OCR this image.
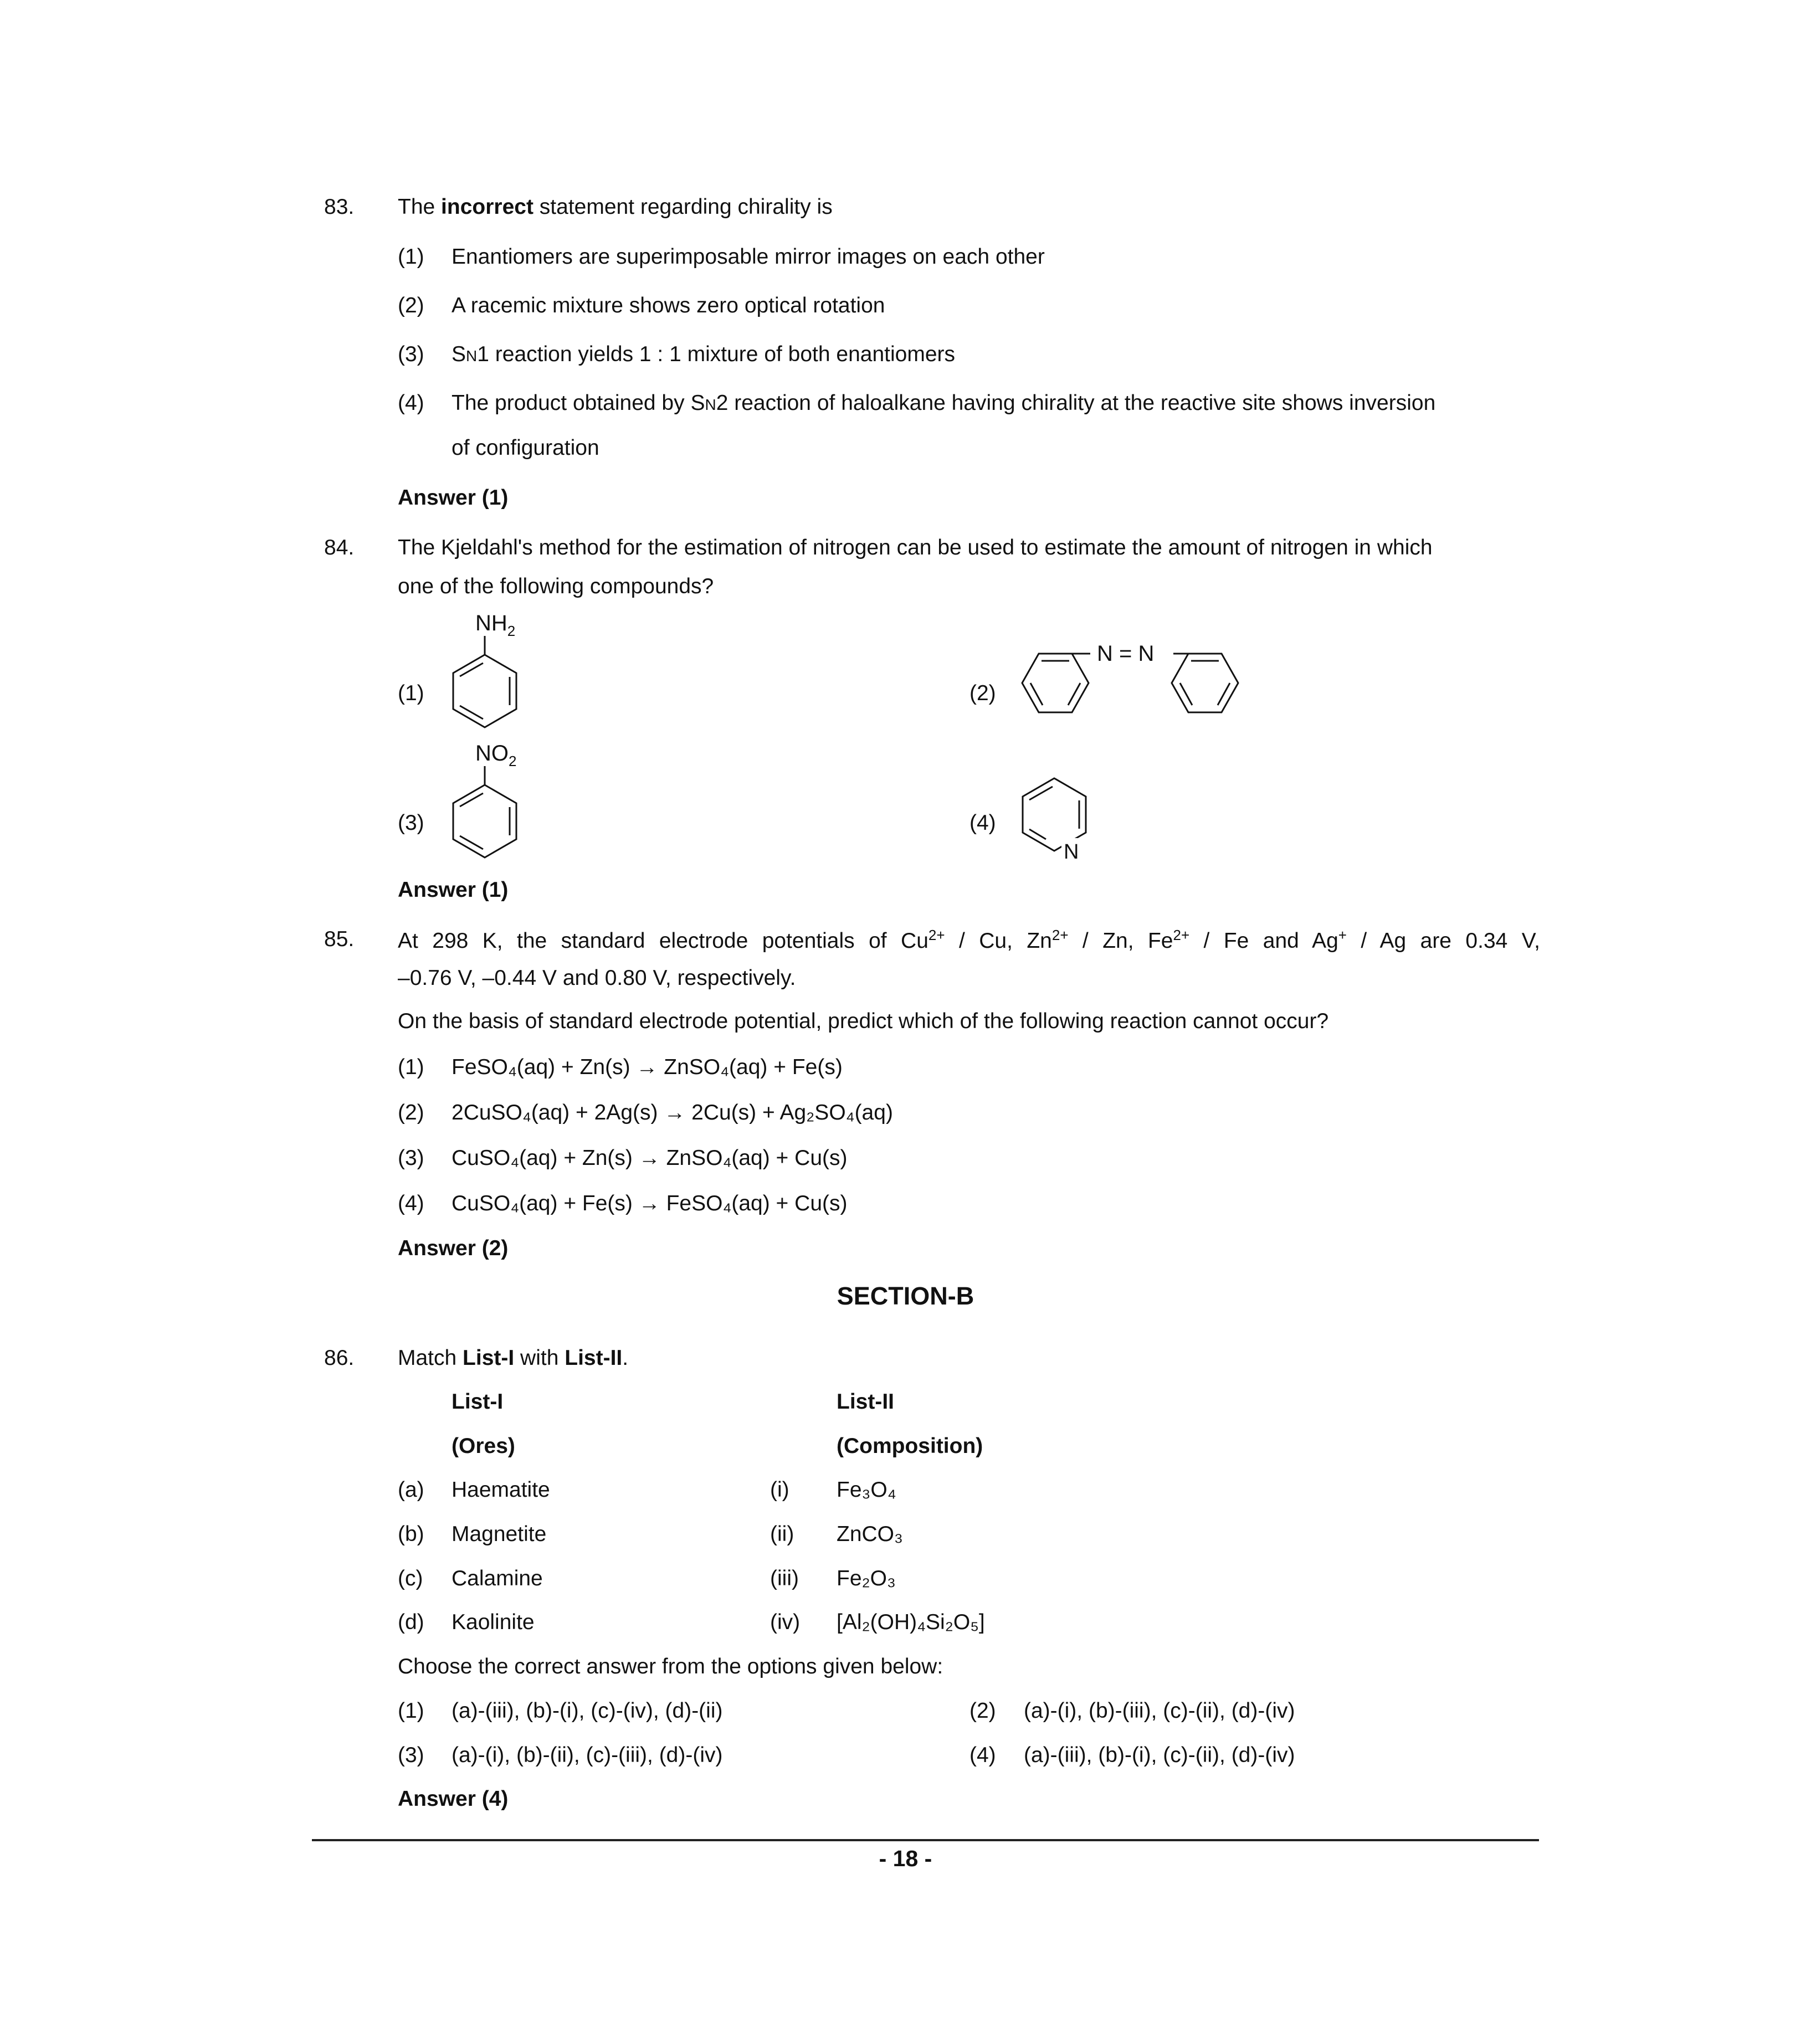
83. The incorrect statement regarding chirality is
(1) Enantiomers are superimposable mirror images on each other
(2) A racemic mixture shows zero optical rotation
(3) SN1 reaction yields 1 : 1 mixture of both enantiomers
(4) The product obtained by SN2 reaction of haloalkane having chirality at the reactive site shows inversion
of configuration
Answer (1)
84. The Kjeldahl's method for the estimation of nitrogen can be used to estimate the amount of nitrogen in which
one of the following compounds?
(1)
$NH_2$
(2)
N = N
(3)
$NO_2$
(4)
N
Answer (1)
85. At 298 K, the standard electrode potentials of $Cu^{2+}$ / Cu, $Zn^{2+}$ / Zn, $Fe^{2+}$ / Fe and Ag+ / Ag are 0.34 V,
–0.76 V, –0.44 V and 0.80 V, respectively.
On the basis of standard electrode potential, predict which of the following reaction cannot occur?
(1) FeSO₄(aq) + Zn(s) → ZnSO₄(aq) + Fe(s)
(2) 2CuSO₄(aq) + 2Ag(s) → 2Cu(s) + Ag₂SO₄(aq)
(3) CuSO₄(aq) + Zn(s) → ZnSO₄(aq) + Cu(s)
(4) CuSO₄(aq) + Fe(s) → FeSO₄(aq) + Cu(s)
Answer (2)
SECTION-B
86. Match List-I with List-II.
List-I	List-II
(Ores)	(Composition)
(a) Haematite	(i) Fe₃O₄
(b) Magnetite	(ii) ZnCO₃
(c) Calamine	(iii) Fe₂O₃
(d) Kaolinite	(iv) [Al₂(OH)₄Si₂O₅]
Choose the correct answer from the options given below:
(1) (a)-(iii), (b)-(i), (c)-(iv), (d)-(ii)	(2) (a)-(i), (b)-(iii), (c)-(ii), (d)-(iv)
(3) (a)-(i), (b)-(ii), (c)-(iii), (d)-(iv)	(4) (a)-(iii), (b)-(i), (c)-(ii), (d)-(iv)
Answer (4)
- 18 -
